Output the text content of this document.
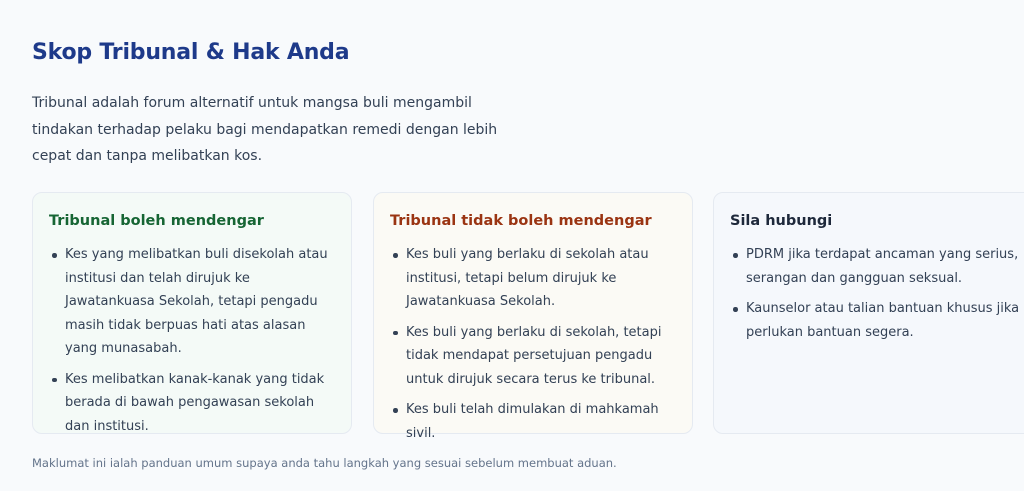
Skop Tribunal & Hak Anda

Tribunal adalah forum alternatif untuk mangsa buli mengambil tindakan terhadap pelaku bagi mendapatkan remedi dengan lebih cepat dan tanpa melibatkan kos.

Tribunal boleh mendengar
Kes yang melibatkan buli disekolah atau institusi dan telah dirujuk ke Jawatankuasa Sekolah, tetapi pengadu masih tidak berpuas hati atas alasan yang munasabah.
Kes melibatkan kanak-kanak yang tidak berada di bawah pengawasan sekolah dan institusi.
Tribunal tidak boleh mendengar
Kes buli yang berlaku di sekolah atau institusi, tetapi belum dirujuk ke Jawatankuasa Sekolah.
Kes buli yang berlaku di sekolah, tetapi tidak mendapat persetujuan pengadu untuk dirujuk secara terus ke tribunal.
Kes buli telah dimulakan di mahkamah sivil.
Sila hubungi
PDRM jika terdapat ancaman yang serius, serangan dan gangguan seksual.
Kaunselor atau talian bantuan khusus jika perlukan bantuan segera.

Maklumat ini ialah panduan umum supaya anda tahu langkah yang sesuai sebelum membuat aduan.
